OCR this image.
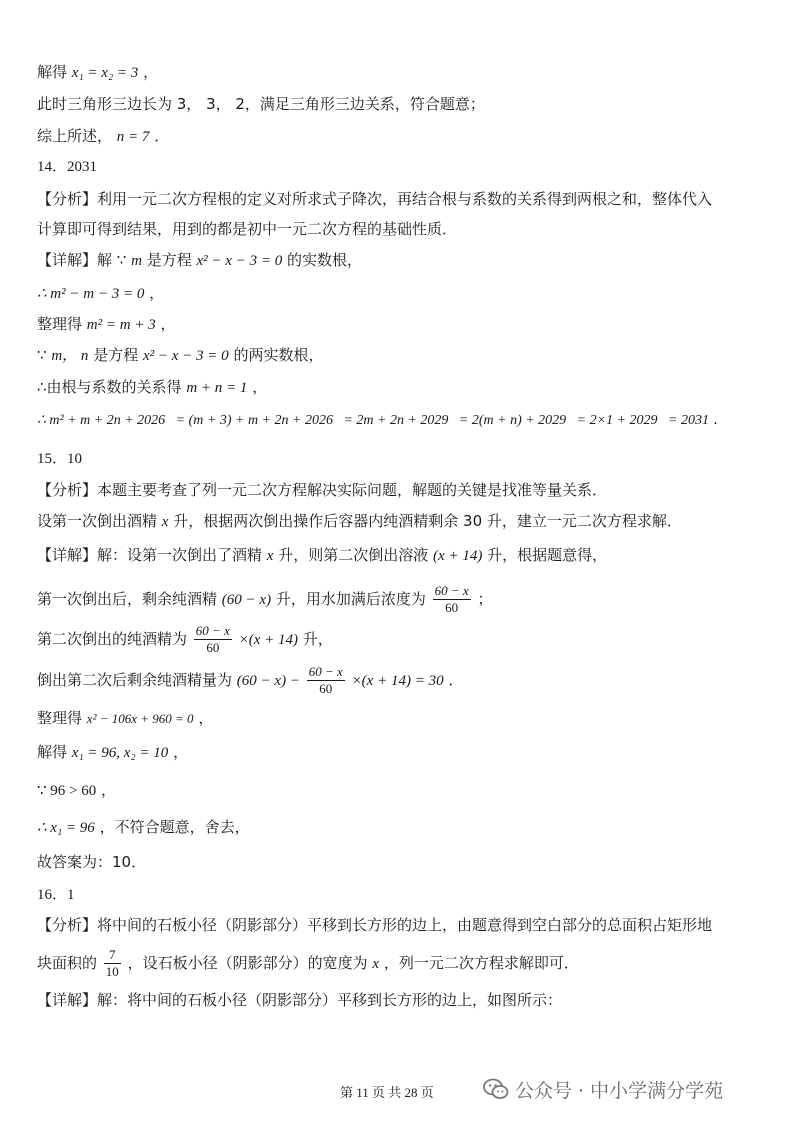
解得 x₁ = x₂ = 3 ，
此时三角形三边长为 3， 3， 2，满足三角形三边关系，符合题意；
综上所述， n = 7 ．
14．2031
【分析】利用一元二次方程根的定义对所求式子降次，再结合根与系数的关系得到两根之和，整体代入
计算即可得到结果，用到的都是初中一元二次方程的基础性质．
【详解】解 ∵ m 是方程 x² − x − 3 = 0 的实数根，
∴ m² − m − 3 = 0 ，
整理得 m² = m + 3 ，
∵ m， n 是方程 x² − x − 3 = 0 的两实数根，
∴由根与系数的关系得 m + n = 1 ，
∴ m² + m + 2n + 2026   = (m + 3) + m + 2n + 2026   = 2m + 2n + 2029   = 2(m + n) + 2029   = 2×1 + 2029   = 2031 ．
15．10
【分析】本题主要考查了列一元二次方程解决实际问题，解题的关键是找准等量关系．
设第一次倒出酒精 x 升，根据两次倒出操作后容器内纯酒精剩余 30 升，建立一元二次方程求解．
【详解】解：设第一次倒出了酒精 x 升，则第二次倒出溶液 (x + 14) 升，根据题意得，
第一次倒出后，剩余纯酒精 (60 − x) 升，用水加满后浓度为 $\frac{60 - x}{60}$ ；
第二次倒出的纯酒精为 $\frac{60 - x}{60} \times(x + 14)$ 升，
倒出第二次后剩余纯酒精量为 $(60 - x) - \frac{60 - x}{60} \times(x + 14) = 30$ ．
整理得 x² − 106x + 960 = 0 ，
解得 x₁ = 96, x₂ = 10 ，
∵ 96 > 60 ，
∴ x₁ = 96 ，不符合题意，舍去，
故答案为：10．
16．1
【分析】将中间的石板小径（阴影部分）平移到长方形的边上，由题意得到空白部分的总面积占矩形地
块面积的 $\frac{7}{10}$ ，设石板小径（阴影部分）的宽度为 x ，列一元二次方程求解即可．
【详解】解：将中间的石板小径（阴影部分）平移到长方形的边上，如图所示：
第 11 页 共 28 页	公众号 · 中小学满分学苑
